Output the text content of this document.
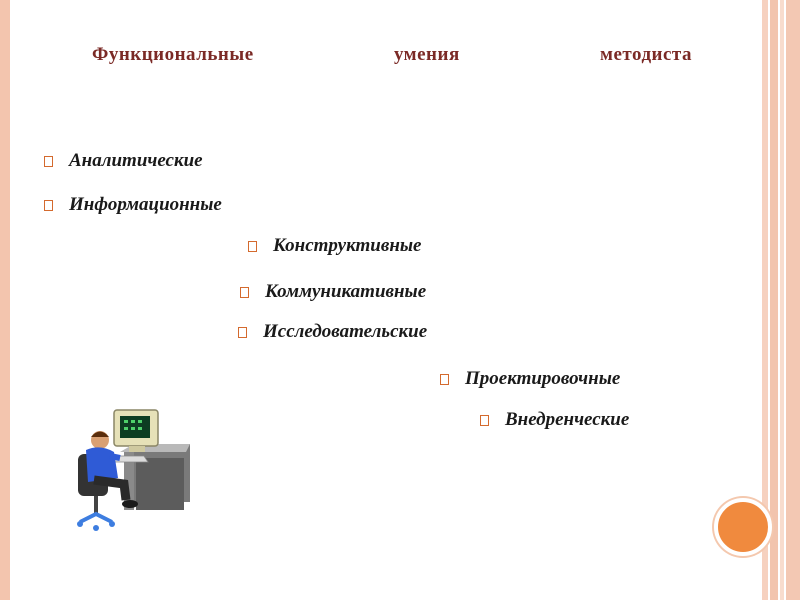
Функциональные	умения	методиста
Аналитические
Информационные
Конструктивные
Коммуникативные
Исследовательские
Проектировочные
Внедренческие
